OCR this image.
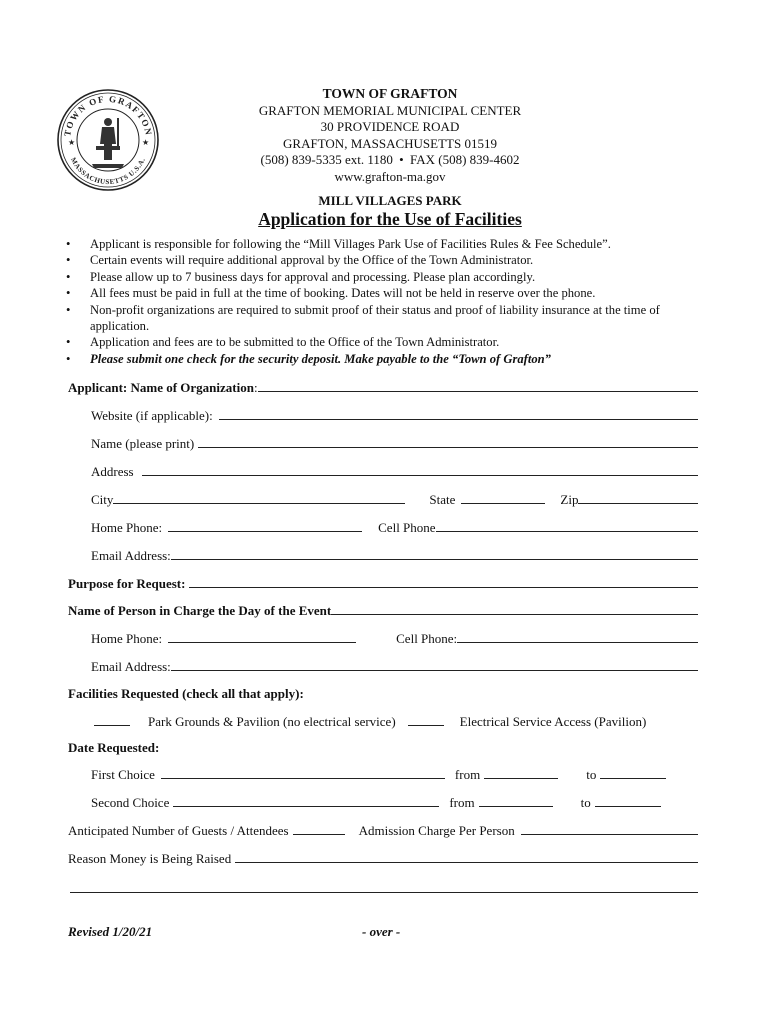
TOWN OF GRAFTON
MASSACHUSETTS U.S.A.
★	★
TOWN OF GRAFTON
GRAFTON MEMORIAL MUNICIPAL CENTER
30 PROVIDENCE ROAD
GRAFTON, MASSACHUSETTS 01519
(508) 839-5335 ext. 1180 • FAX (508) 839-4602
www.grafton-ma.gov
MILL VILLAGES PARK
Application for the Use of Facilities
• Applicant is responsible for following the “Mill Villages Park Use of Facilities Rules & Fee Schedule”.
• Certain events will require additional approval by the Office of the Town Administrator.
• Please allow up to 7 business days for approval and processing. Please plan accordingly.
• All fees must be paid in full at the time of booking. Dates will not be held in reserve over the phone.
• Non-profit organizations are required to submit proof of their status and proof of liability insurance at the time of application.
• Application and fees are to be submitted to the Office of the Town Administrator.
• Please submit one check for the security deposit. Make payable to the “Town of Grafton”
Applicant: Name of Organization :
Website (if applicable):
Name (please print)
Address
City	State	Zip
Home Phone:	Cell Phone
Email Address:
Purpose for Request:
Name of Person in Charge the Day of the Event
Home Phone:	Cell Phone:
Email Address:
Facilities Requested (check all that apply):
Park Grounds & Pavilion (no electrical service)	Electrical Service Access (Pavilion)
Date Requested:
First Choice	from	to
Second Choice	from	to
Anticipated Number of Guests / Attendees	Admission Charge Per Person
Reason Money is Being Raised
Revised 1/20/21	- over -
